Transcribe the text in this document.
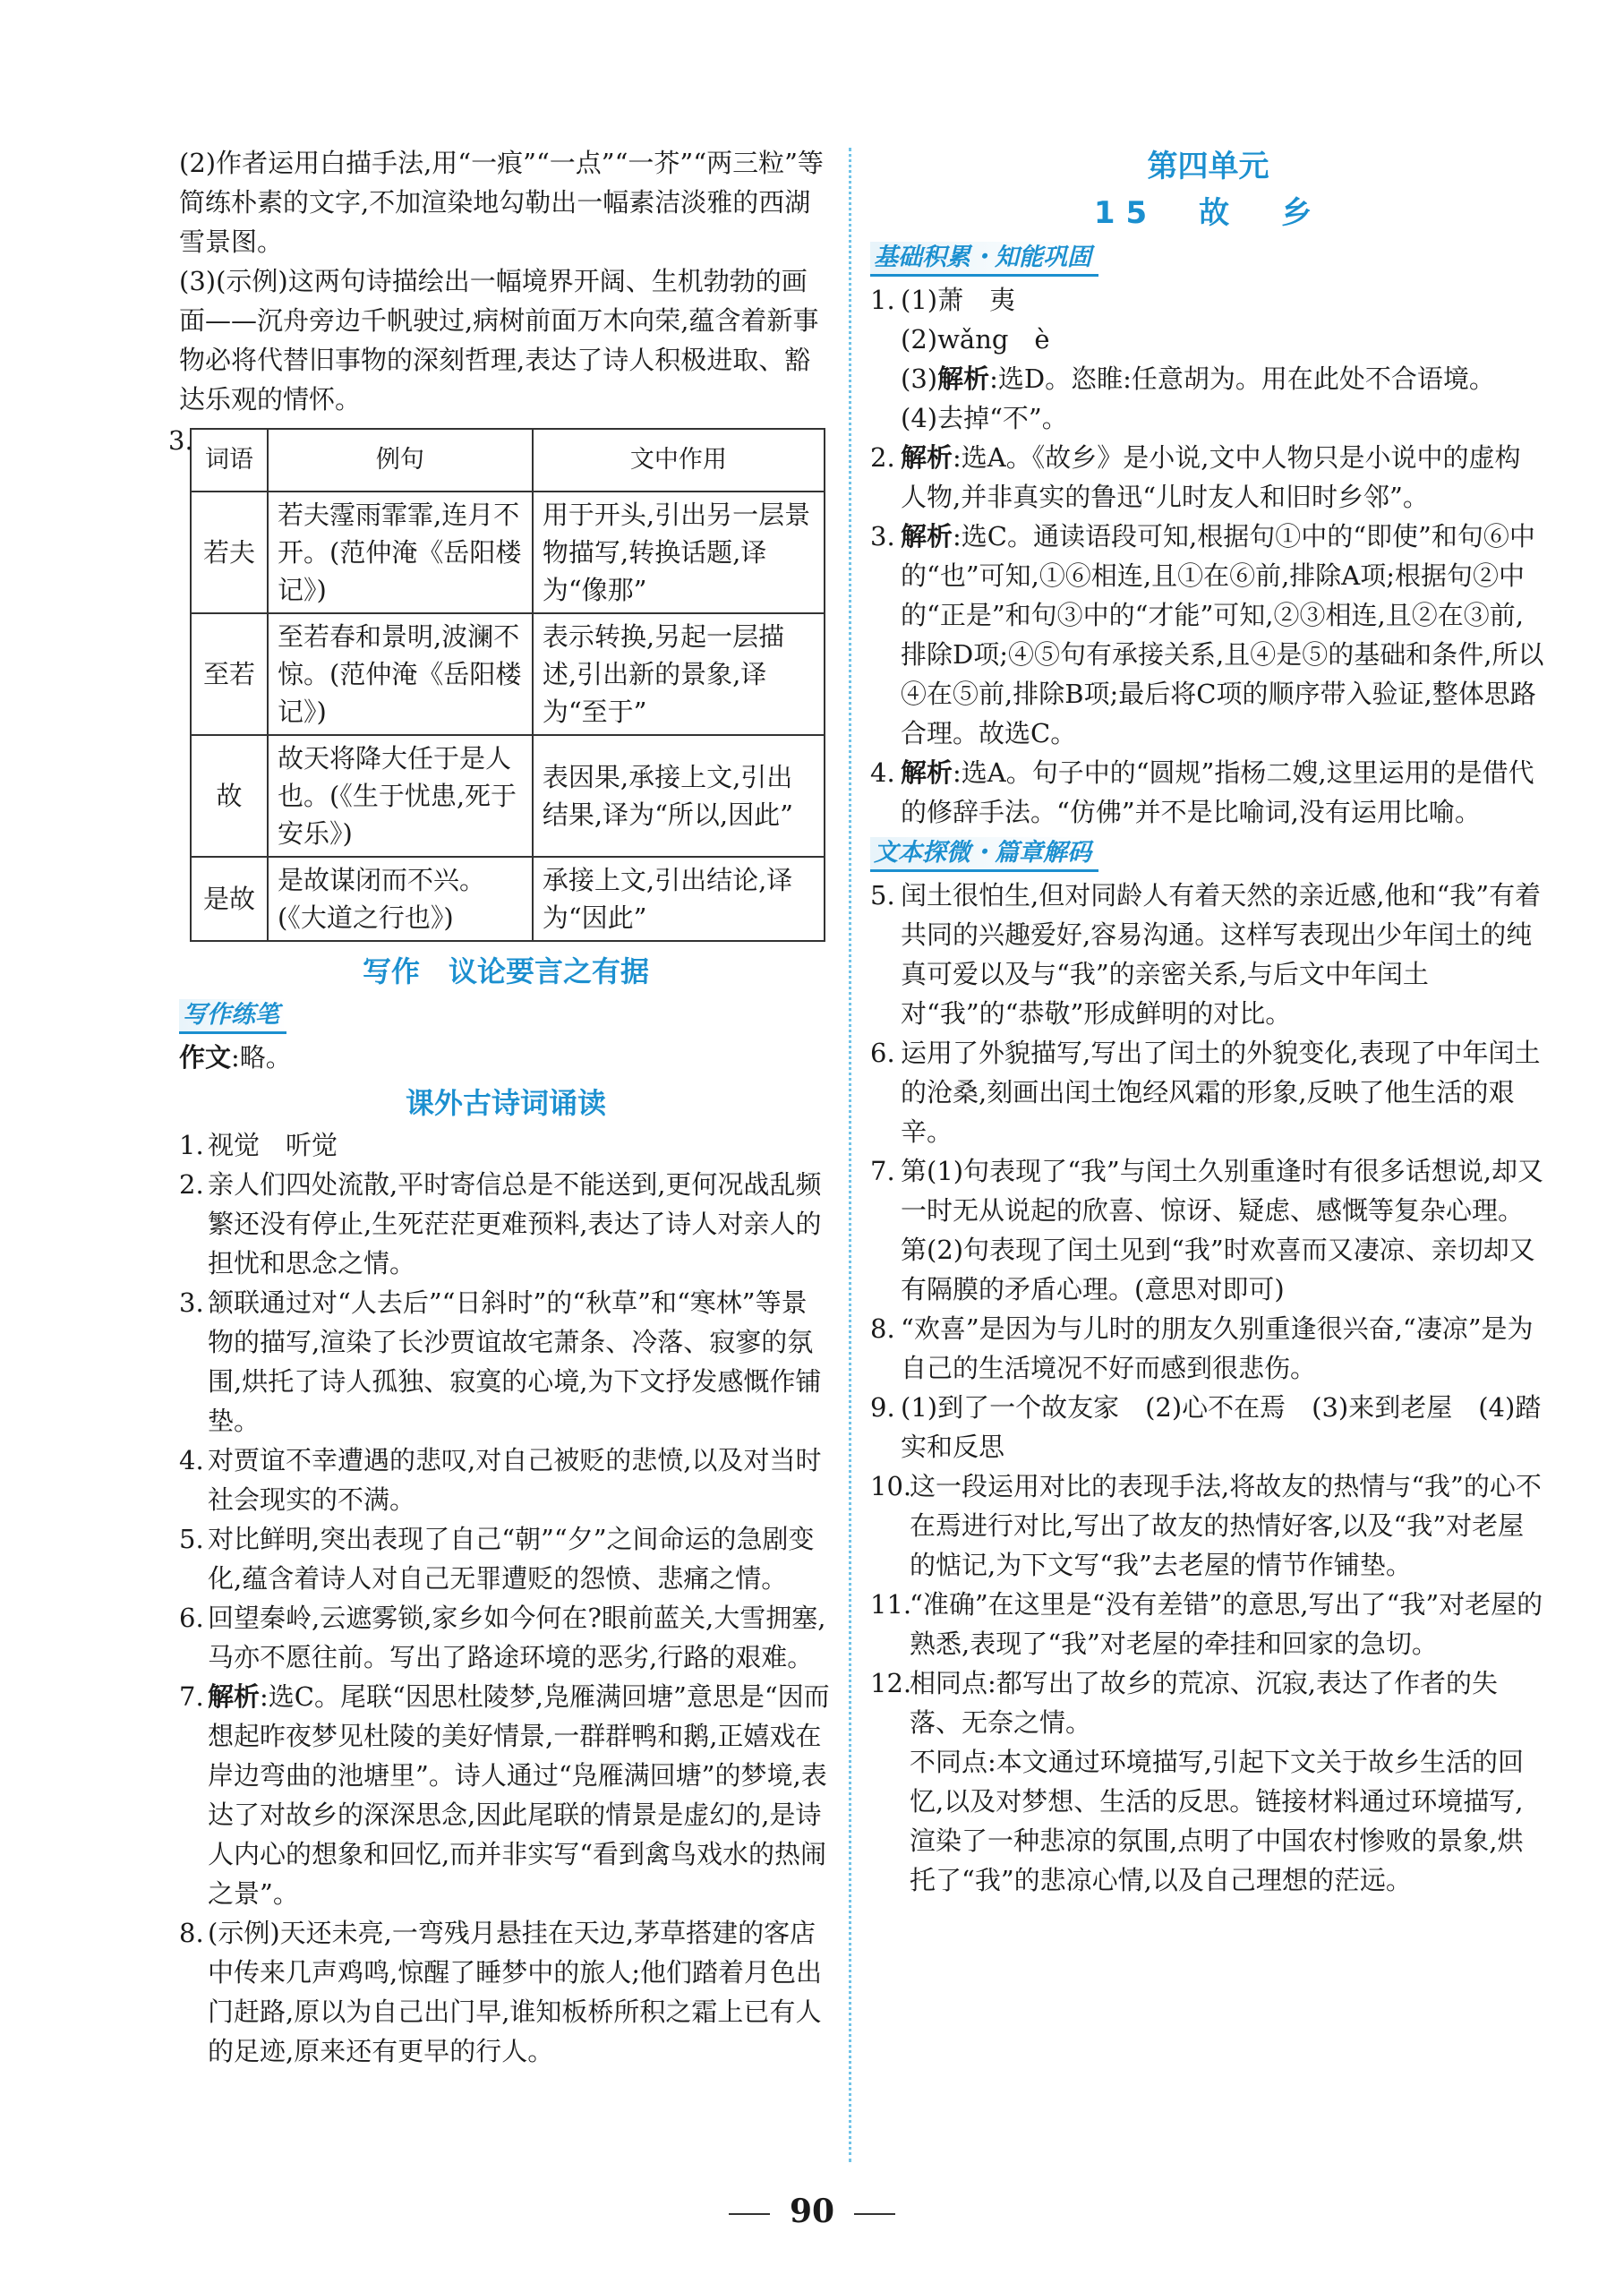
(2)作者运用白描手法,用“一痕”“一点”“一芥”“两三粒”等简练朴素的文字,不加渲染地勾勒出一幅素洁淡雅的西湖雪景图。
(3)(示例)这两句诗描绘出一幅境界开阔、生机勃勃的画面——沉舟旁边千帆驶过,病树前面万木向荣,蕴含着新事物必将代替旧事物的深刻哲理,表达了诗人积极进取、豁达乐观的情怀。
3.
词语	例句	文中作用
若夫	若夫霪雨霏霏,连月不开。(范仲淹《岳阳楼记》)	用于开头,引出另一层景物描写,转换话题,译为“像那”
至若	至若春和景明,波澜不惊。(范仲淹《岳阳楼记》)	表示转换,另起一层描述,引出新的景象,译为“至于”
故	故天将降大任于是人也。(《生于忧患,死于安乐》)	表因果,承接上文,引出结果,译为“所以,因此”
是故	是故谋闭而不兴。(《大道之行也》)	承接上文,引出结论,译为“因此”
写作　议论要言之有据
写作练笔
作文:略。
课外古诗词诵读
1. 视觉　听觉
2. 亲人们四处流散,平时寄信总是不能送到,更何况战乱频繁还没有停止,生死茫茫更难预料,表达了诗人对亲人的担忧和思念之情。
3. 颔联通过对“人去后”“日斜时”的“秋草”和“寒林”等景物的描写,渲染了长沙贾谊故宅萧条、冷落、寂寥的氛围,烘托了诗人孤独、寂寞的心境,为下文抒发感慨作铺垫。
4. 对贾谊不幸遭遇的悲叹,对自己被贬的悲愤,以及对当时社会现实的不满。
5. 对比鲜明,突出表现了自己“朝”“夕”之间命运的急剧变化,蕴含着诗人对自己无罪遭贬的怨愤、悲痛之情。
6. 回望秦岭,云遮雾锁,家乡如今何在?眼前蓝关,大雪拥塞,马亦不愿往前。写出了路途环境的恶劣,行路的艰难。
7. 解析:选C。尾联“因思杜陵梦,凫雁满回塘”意思是“因而想起昨夜梦见杜陵的美好情景,一群群鸭和鹅,正嬉戏在岸边弯曲的池塘里”。诗人通过“凫雁满回塘”的梦境,表达了对故乡的深深思念,因此尾联的情景是虚幻的,是诗人内心的想象和回忆,而并非实写“看到禽鸟戏水的热闹之景”。
8. (示例)天还未亮,一弯残月悬挂在天边,茅草搭建的客店中传来几声鸡鸣,惊醒了睡梦中的旅人;他们踏着月色出门赶路,原以为自己出门早,谁知板桥所积之霜上已有人的足迹,原来还有更早的行人。
第四单元
15　故　乡
基础积累・知能巩固
1. (1)萧　夷
(2)wǎng　è
(3)解析:选D。恣睢:任意胡为。用在此处不合语境。
(4)去掉“不”。
2. 解析:选A。《故乡》是小说,文中人物只是小说中的虚构人物,并非真实的鲁迅“儿时友人和旧时乡邻”。
3. 解析:选C。通读语段可知,根据句①中的“即使”和句⑥中的“也”可知,①⑥相连,且①在⑥前,排除A项;根据句②中的“正是”和句③中的“才能”可知,②③相连,且②在③前,排除D项;④⑤句有承接关系,且④是⑤的基础和条件,所以④在⑤前,排除B项;最后将C项的顺序带入验证,整体思路合理。故选C。
4. 解析:选A。句子中的“圆规”指杨二嫂,这里运用的是借代的修辞手法。“仿佛”并不是比喻词,没有运用比喻。
文本探微・篇章解码
5. 闰土很怕生,但对同龄人有着天然的亲近感,他和“我”有着共同的兴趣爱好,容易沟通。这样写表现出少年闰土的纯真可爱以及与“我”的亲密关系,与后文中年闰土对“我”的“恭敬”形成鲜明的对比。
6. 运用了外貌描写,写出了闰土的外貌变化,表现了中年闰土的沧桑,刻画出闰土饱经风霜的形象,反映了他生活的艰辛。
7. 第(1)句表现了“我”与闰土久别重逢时有很多话想说,却又一时无从说起的欣喜、惊讶、疑虑、感慨等复杂心理。第(2)句表现了闰土见到“我”时欢喜而又凄凉、亲切却又有隔膜的矛盾心理。(意思对即可)
8. “欢喜”是因为与儿时的朋友久别重逢很兴奋,“凄凉”是为自己的生活境况不好而感到很悲伤。
9. (1)到了一个故友家　(2)心不在焉　(3)来到老屋　(4)踏实和反思
10.
这一段运用对比的表现手法,将故友的热情与“我”的心不在焉进行对比,写出了故友的热情好客,以及“我”对老屋的惦记,为下文写“我”去老屋的情节作铺垫。
11.
“准确”在这里是“没有差错”的意思,写出了“我”对老屋的熟悉,表现了“我”对老屋的牵挂和回家的急切。
12.
相同点:都写出了故乡的荒凉、沉寂,表达了作者的失落、无奈之情。
不同点:本文通过环境描写,引起下文关于故乡生活的回忆,以及对梦想、生活的反思。链接材料通过环境描写,渲染了一种悲凉的氛围,点明了中国农村惨败的景象,烘托了“我”的悲凉心情,以及自己理想的茫远。
90
